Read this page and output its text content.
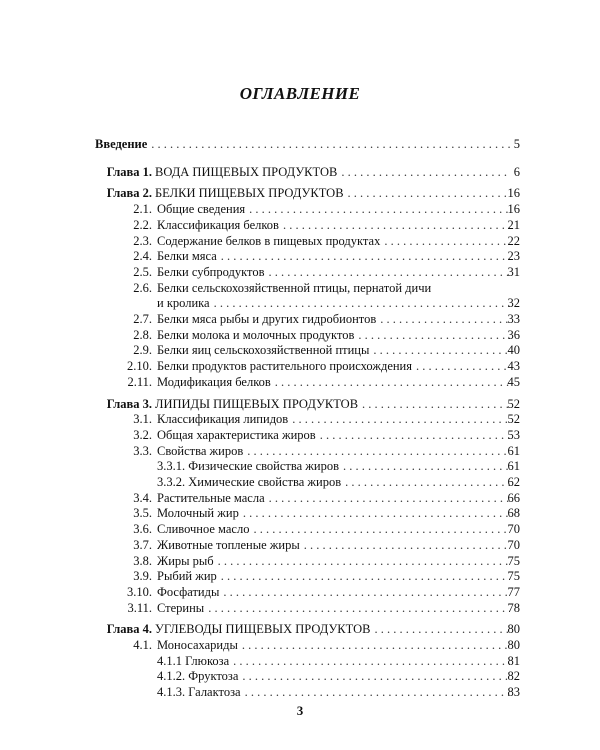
ОГЛАВЛЕНИЕ
Введение . . .	5
Глава 1. ВОДА ПИЩЕВЫХ ПРОДУКТОВ . . .	6
Глава 2. БЕЛКИ ПИЩЕВЫХ ПРОДУКТОВ . . .	16
2.1. Общие сведения . . .	16
2.2. Классификация белков . . .	21
2.3. Содержание белков в пищевых продуктах . . .	22
2.4. Белки мяса . . .	23
2.5. Белки субпродуктов . . .	31
2.6. Белки сельскохозяйственной птицы, пернатой дичи
и кролика . . .	32
2.7. Белки мяса рыбы и других гидробионтов . . .	33
2.8. Белки молока и молочных продуктов . . .	36
2.9. Белки яиц сельскохозяйственной птицы . . .	40
2.10. Белки продуктов растительного происхождения . . .	43
2.11. Модификация белков . . .	45
Глава 3. ЛИПИДЫ ПИЩЕВЫХ ПРОДУКТОВ . . .	52
3.1. Классификация липидов . . .	52
3.2. Общая характеристика жиров . . .	53
3.3. Свойства жиров . . .	61
3.3.1. Физические свойства жиров . . .	61
3.3.2. Химические свойства жиров . . .	62
3.4. Растительные масла . . .	66
3.5. Молочный жир . . .	68
3.6. Сливочное масло . . .	70
3.7. Животные топленые жиры . . .	70
3.8. Жиры рыб . . .	75
3.9. Рыбий жир . . .	75
3.10. Фосфатиды . . .	77
3.11. Стерины . . .	78
Глава 4. УГЛЕВОДЫ ПИЩЕВЫХ ПРОДУКТОВ . . .	80
4.1. Моносахариды . . .	80
4.1.1 Глюкоза . . .	81
4.1.2. Фруктоза . . .	82
4.1.3. Галактоза . . .	83
3
